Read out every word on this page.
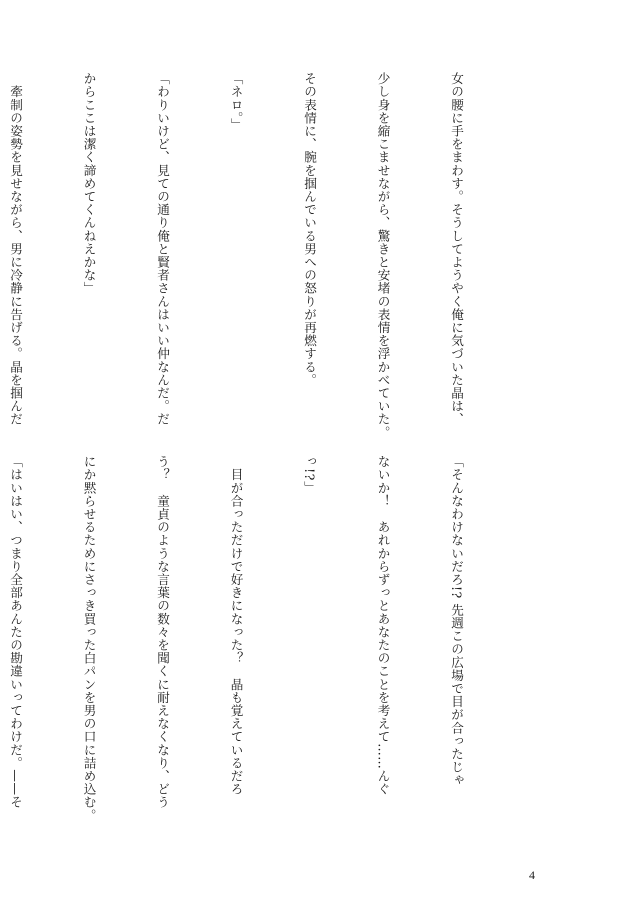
女の腰に手をまわす。そうしてようやく俺に気づいた晶は、

少し身を縮こませながら、驚きと安堵の表情を浮かべていた。

その表情に、腕を掴んでいる男への怒りが再燃する。

「ネロ。」

「わりいけど、見ての通り俺と賢者さんはいい仲なんだ。だ

からここは潔く諦めてくんねえかな」

　牽制の姿勢を見せながら、男に冷静に告げる。晶を掴んだ

「そんなわけないだろ!? 先週この広場で目が合ったじゃ

ないか！　あれからずっとあなたのことを考えて……んぐ

っ!?」

　目が合っただけで好きになった？　晶も覚えているだろ

う？　童貞のような言葉の数々を聞くに耐えなくなり、どう

にか黙らせるためにさっき買った白パンを男の口に詰め込む。

「はいはい、つまり全部あんたの勘違いってわけだ。——そ

4
